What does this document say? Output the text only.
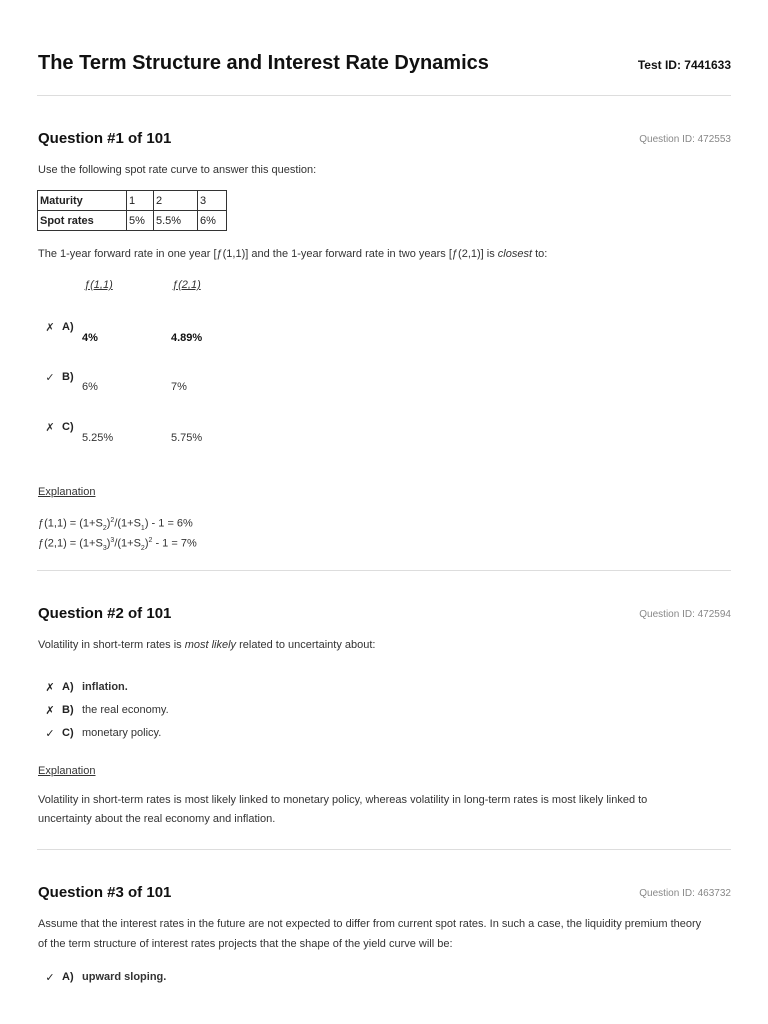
The Term Structure and Interest Rate Dynamics	Test ID: 7441633
Question #1 of 101	Question ID: 472553
Use the following spot rate curve to answer this question:
Maturity	1	2	3
Spot rates	5%	5.5%	6%
The 1-year forward rate in one year [ƒ(1,1)] and the 1-year forward rate in two years [ƒ(2,1)] is closest to:
ƒ(1,1)	ƒ(2,1)
✗ A)
4%	4.89%
✓ B)
6%	7%
✗ C)
5.25%	5.75%
Explanation
ƒ(1,1) = $(1+S_2)^2/(1+S_1) - 1 = 6\%$
ƒ(2,1) = $(1+S_3)^3/(1+S_2)^2 - 1 = 7\%$
Question #2 of 101	Question ID: 472594
Volatility in short-term rates is most likely related to uncertainty about:
✗ A) inflation.
✗ B) the real economy.
✓ C) monetary policy.
Explanation
Volatility in short-term rates is most likely linked to monetary policy, whereas volatility in long-term rates is most likely linked to
uncertainty about the real economy and inflation.
Question #3 of 101	Question ID: 463732
Assume that the interest rates in the future are not expected to differ from current spot rates. In such a case, the liquidity premium theory
of the term structure of interest rates projects that the shape of the yield curve will be:
✓ A) upward sloping.
